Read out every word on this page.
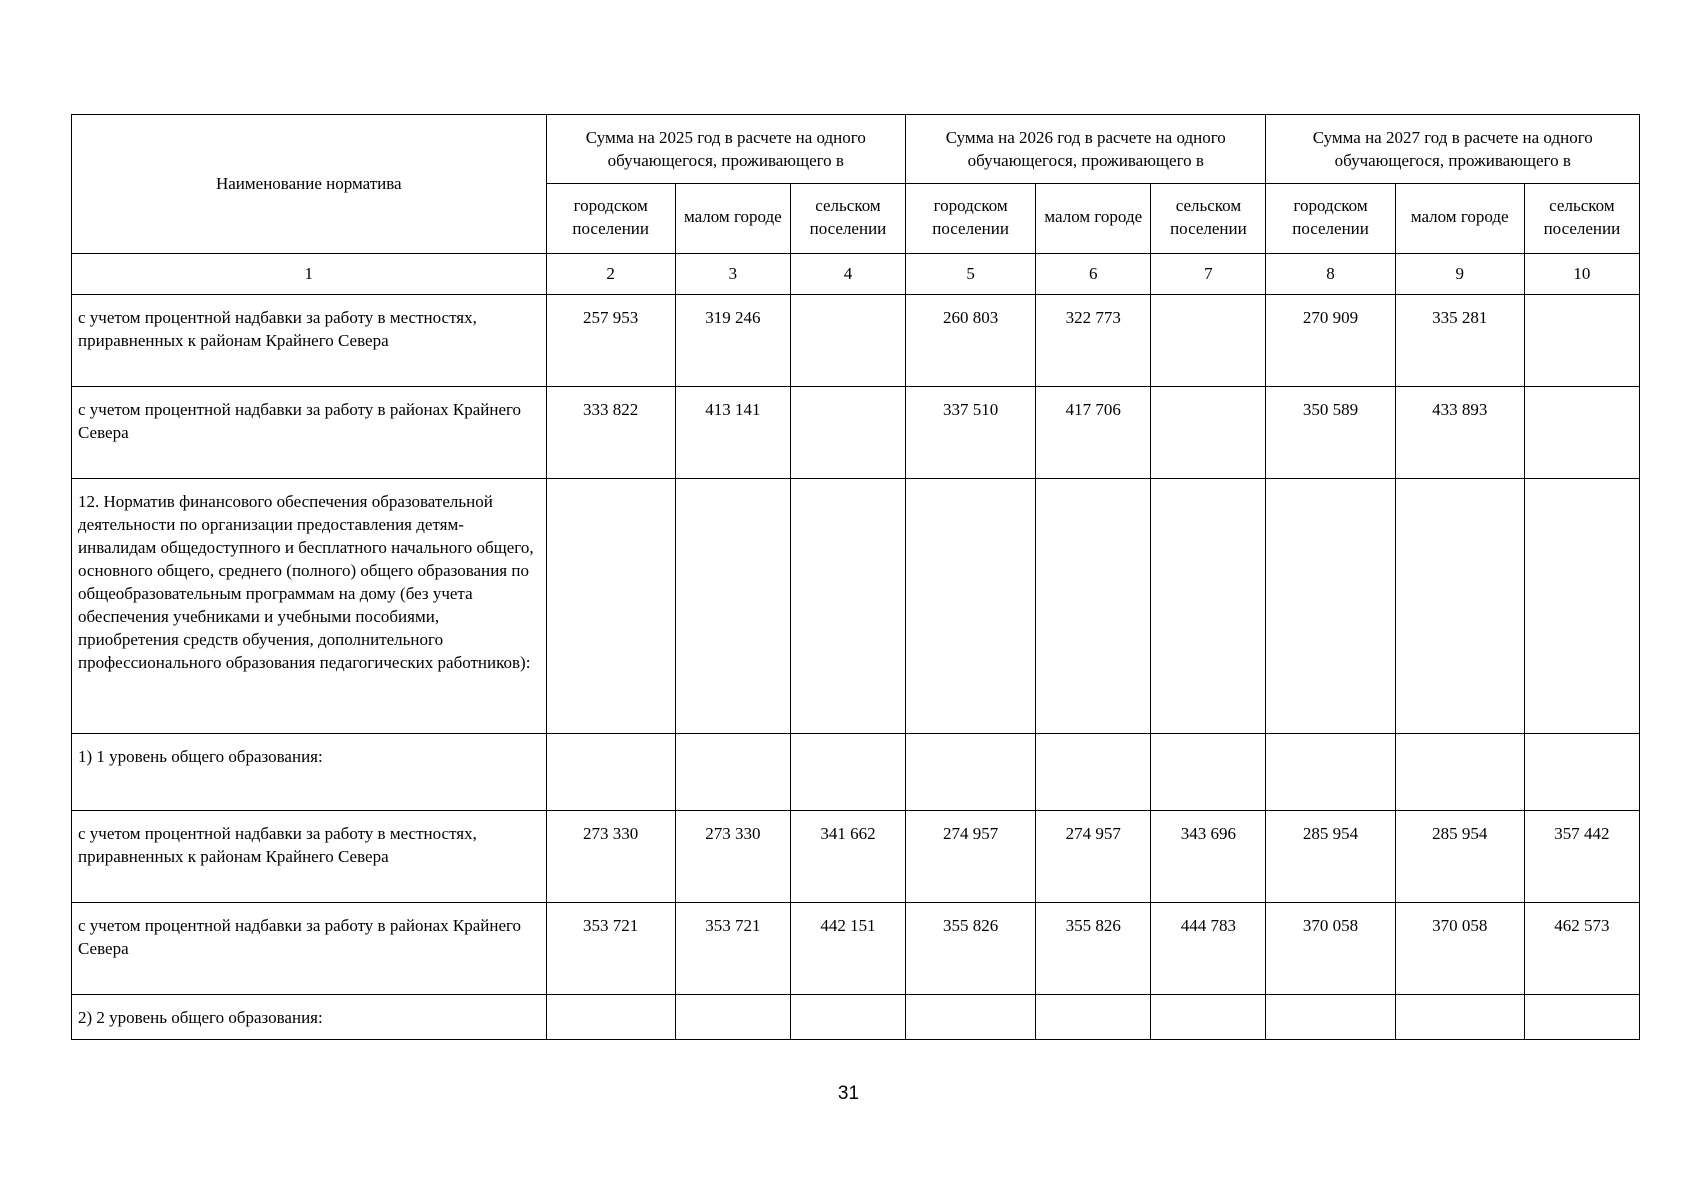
Наименование норматива	Сумма на 2025 год в расчете на одного обучающегося, проживающего в			Сумма на 2026 год в расчете на одного обучающегося, проживающего в			Сумма на 2027 год в расчете на одного обучающегося, проживающего в		
	городском поселении	малом городе	сельском поселении	городском поселении	малом городе	сельском поселении	городском поселении	малом городе	сельском поселении
1	2	3	4	5	6	7	8	9	10
с учетом процентной надбавки за работу в местностях, приравненных к районам Крайнего Севера	257 953	319 246		260 803	322 773		270 909	335 281	
с учетом процентной надбавки за работу в районах Крайнего Севера	333 822	413 141		337 510	417 706		350 589	433 893	
12. Норматив финансового обеспечения образовательной деятельности по организации предоставления детям-инвалидам общедоступного и бесплатного начального общего, основного общего, среднего (полного) общего образования по общеобразовательным программам на дому (без учета обеспечения учебниками и учебными пособиями, приобретения средств обучения, дополнительного профессионального образования педагогических работников):									
1) 1 уровень общего образования:									
с учетом процентной надбавки за работу в местностях, приравненных к районам Крайнего Севера	273 330	273 330	341 662	274 957	274 957	343 696	285 954	285 954	357 442
с учетом процентной надбавки за работу в районах Крайнего Севера	353 721	353 721	442 151	355 826	355 826	444 783	370 058	370 058	462 573
2) 2 уровень общего образования:									
31
